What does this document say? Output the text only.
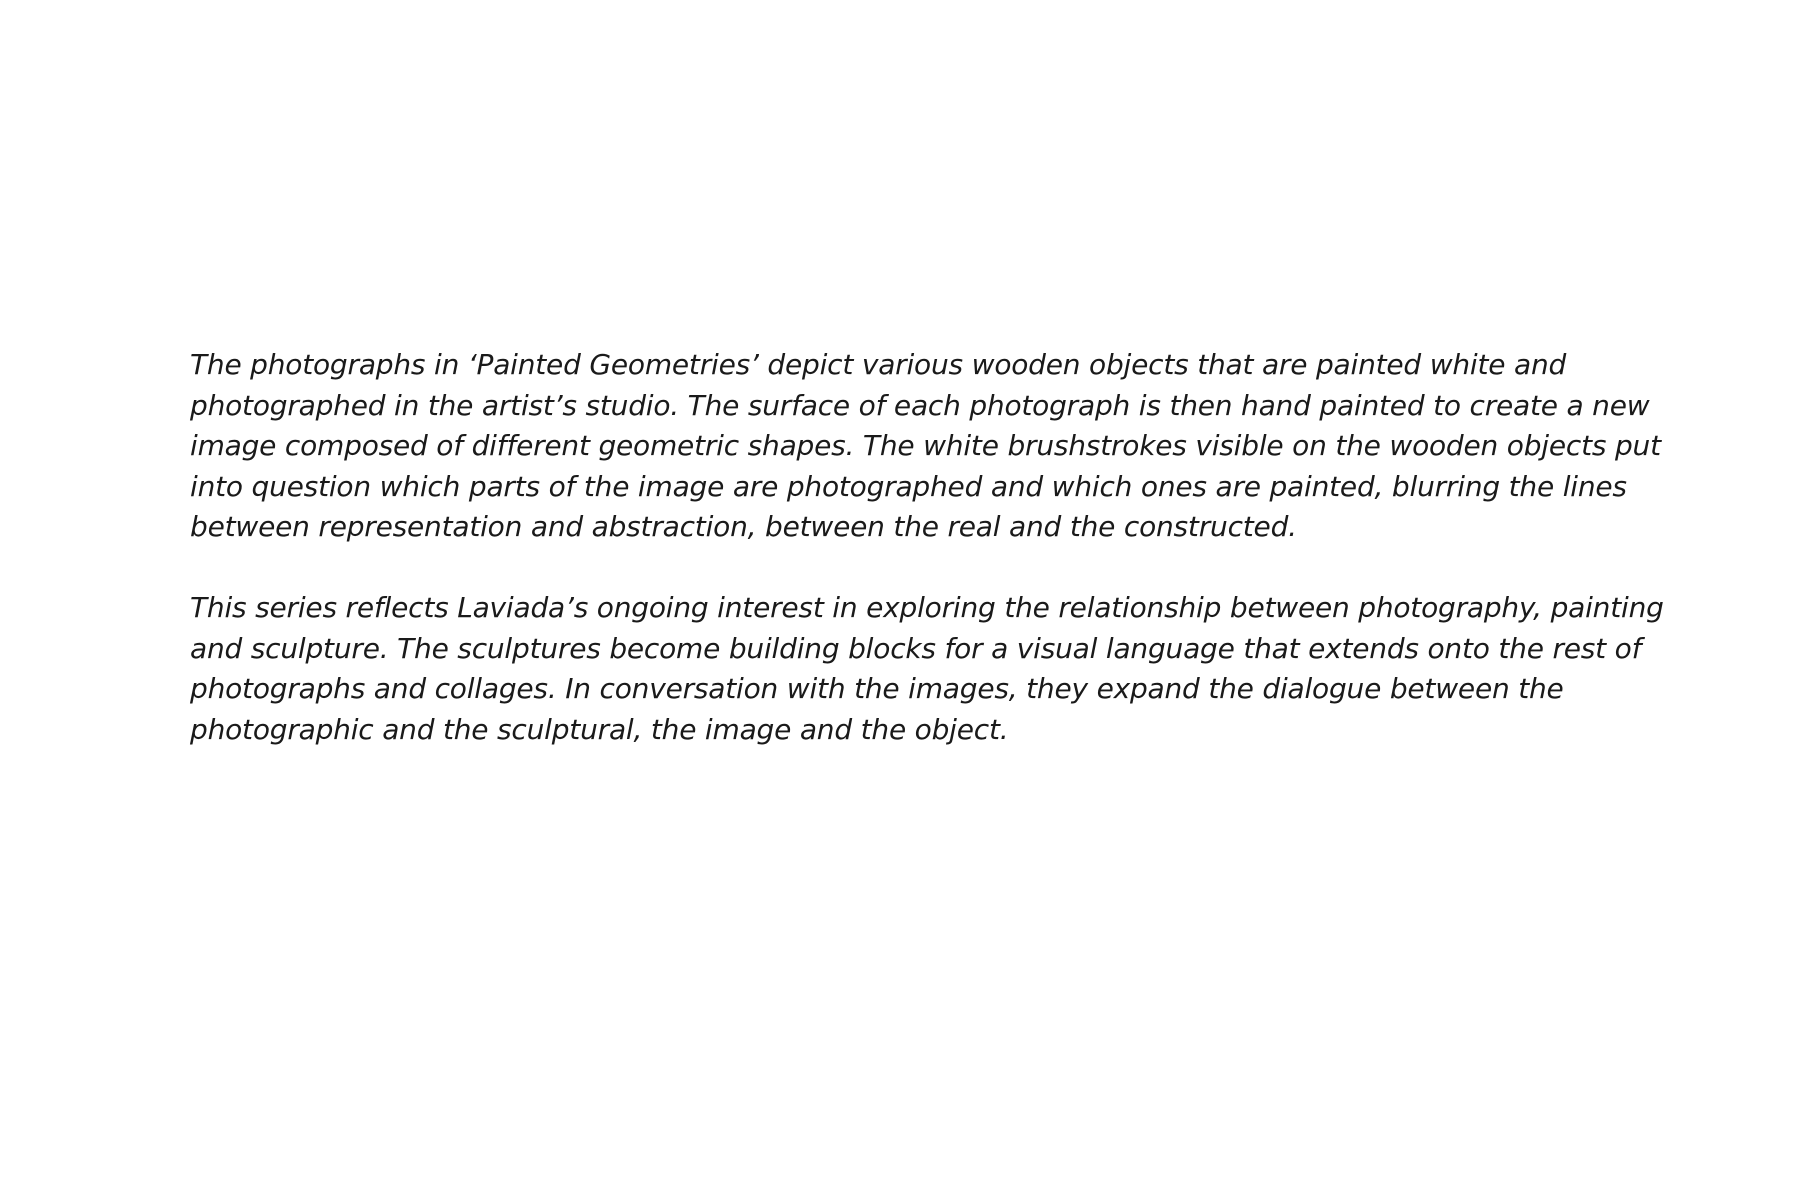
The photographs in ‘Painted Geometries’ depict various wooden objects that are painted white and
photographed in the artist’s studio. The surface of each photograph is then hand painted to create a new
image composed of different geometric shapes. The white brushstrokes visible on the wooden objects put
into question which parts of the image are photographed and which ones are painted, blurring the lines
between representation and abstraction, between the real and the constructed.
This series reflects Laviada’s ongoing interest in exploring the relationship between photography, painting
and sculpture. The sculptures become building blocks for a visual language that extends onto the rest of
photographs and collages. In conversation with the images, they expand the dialogue between the
photographic and the sculptural, the image and the object.
